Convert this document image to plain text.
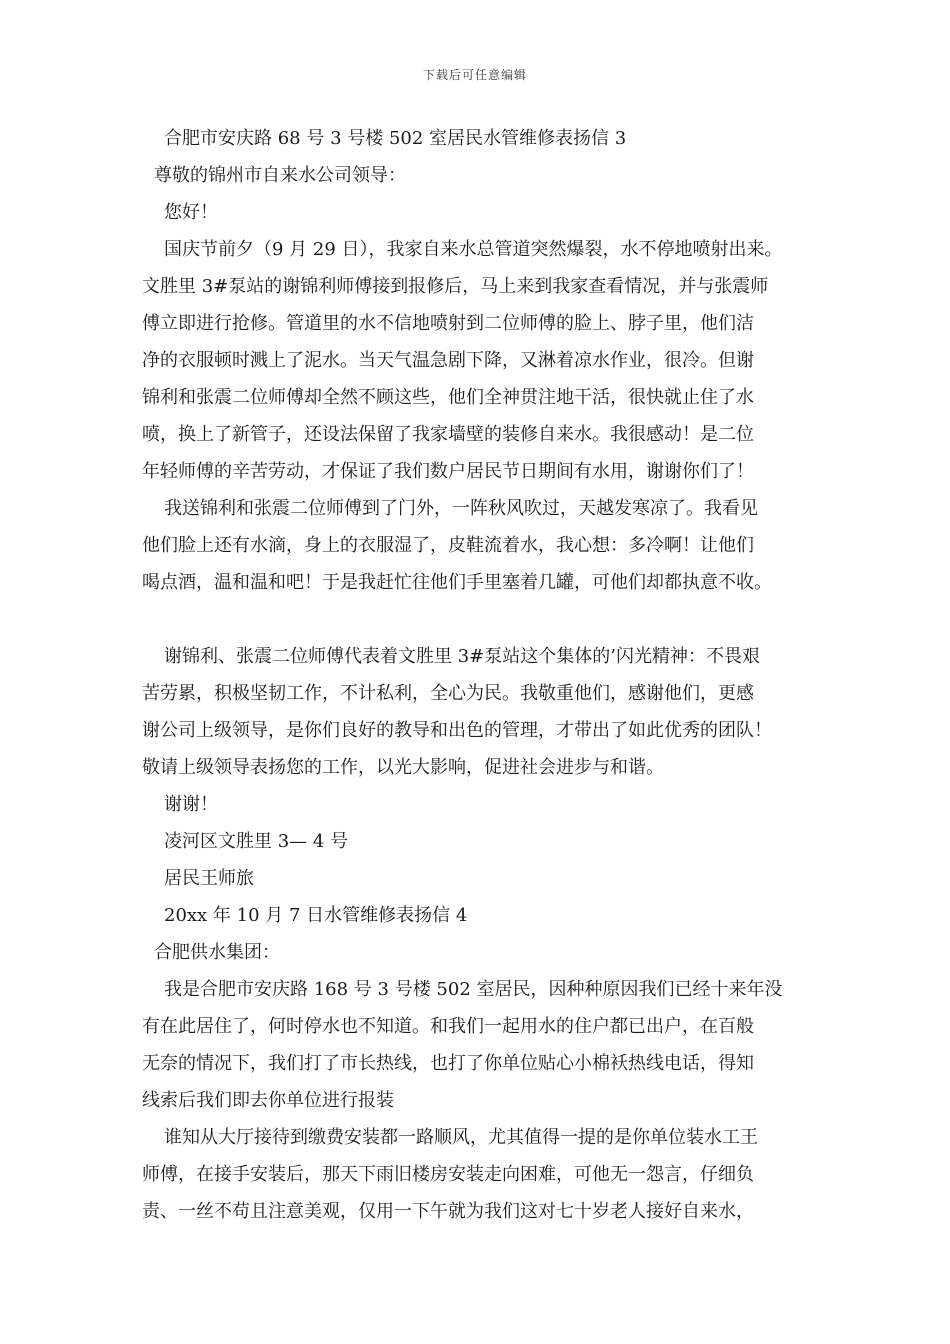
下载后可任意编辑
合肥市安庆路 68 号 3 号楼 502 室居民水管维修表扬信 3
尊敬的锦州市自来水公司领导：
您好！
国庆节前夕（9 月 29 日），我家自来水总管道突然爆裂，水不停地喷射出来。
文胜里 3#泵站的谢锦利师傅接到报修后，马上来到我家查看情况，并与张震师
傅立即进行抢修。管道里的水不信地喷射到二位师傅的脸上、脖子里，他们洁
净的衣服顿时溅上了泥水。当天气温急剧下降，又淋着凉水作业，很冷。但谢
锦利和张震二位师傅却全然不顾这些，他们全神贯注地干活，很快就止住了水
喷，换上了新管子，还设法保留了我家墙壁的装修自来水。我很感动！是二位
年轻师傅的辛苦劳动，才保证了我们数户居民节日期间有水用，谢谢你们了！
我送锦利和张震二位师傅到了门外，一阵秋风吹过，天越发寒凉了。我看见
他们脸上还有水滴，身上的衣服湿了，皮鞋流着水，我心想：多冷啊！让他们
喝点酒，温和温和吧！于是我赶忙往他们手里塞着几罐，可他们却都执意不收。
谢锦利、张震二位师傅代表着文胜里 3#泵站这个集体的’闪光精神：不畏艰
苦劳累，积极坚韧工作，不计私利，全心为民。我敬重他们，感谢他们，更感
谢公司上级领导，是你们良好的教导和出色的管理，才带出了如此优秀的团队！
敬请上级领导表扬您的工作，以光大影响，促进社会进步与和谐。
谢谢！
凌河区文胜里 3— 4 号
居民王师旅
20xx 年 10 月 7 日水管维修表扬信 4
合肥供水集团：
我是合肥市安庆路 168 号 3 号楼 502 室居民，因种种原因我们已经十来年没
有在此居住了，何时停水也不知道。和我们一起用水的住户都已出户，在百般
无奈的情况下，我们打了市长热线，也打了你单位贴心小棉袄热线电话，得知
线索后我们即去你单位进行报装
谁知从大厅接待到缴费安装都一路顺风，尤其值得一提的是你单位装水工王
师傅，在接手安装后，那天下雨旧楼房安装走向困难，可他无一怨言，仔细负
责、一丝不苟且注意美观，仅用一下午就为我们这对七十岁老人接好自来水，
